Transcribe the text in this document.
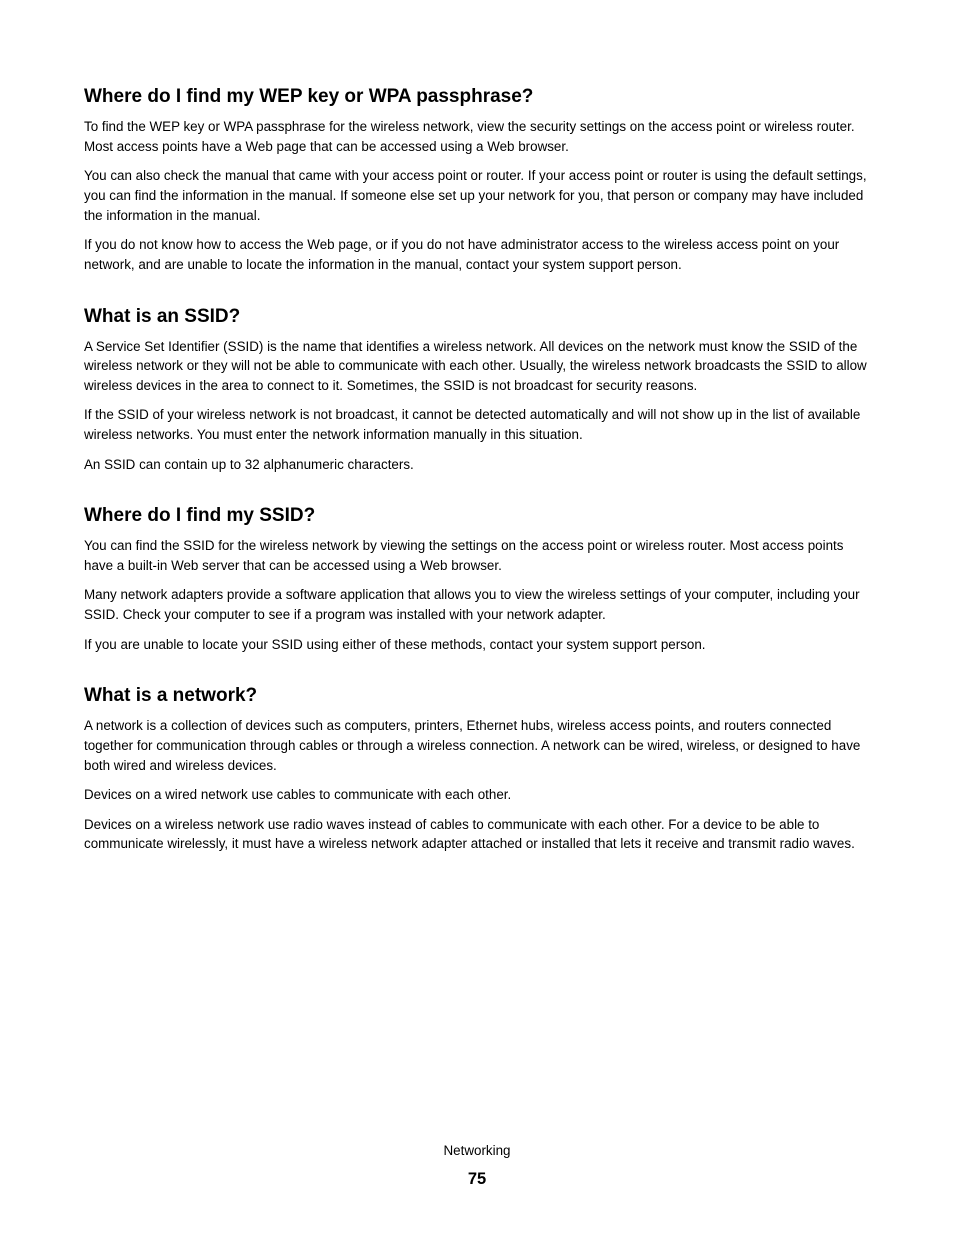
Where do I find my WEP key or WPA passphrase?

To find the WEP key or WPA passphrase for the wireless network, view the security settings on the access point or wireless router. Most access points have a Web page that can be accessed using a Web browser.

You can also check the manual that came with your access point or router. If your access point or router is using the default settings, you can find the information in the manual. If someone else set up your network for you, that person or company may have included the information in the manual.

If you do not know how to access the Web page, or if you do not have administrator access to the wireless access point on your network, and are unable to locate the information in the manual, contact your system support person.

What is an SSID?

A Service Set Identifier (SSID) is the name that identifies a wireless network. All devices on the network must know the SSID of the wireless network or they will not be able to communicate with each other. Usually, the wireless network broadcasts the SSID to allow wireless devices in the area to connect to it. Sometimes, the SSID is not broadcast for security reasons.

If the SSID of your wireless network is not broadcast, it cannot be detected automatically and will not show up in the list of available wireless networks. You must enter the network information manually in this situation.

An SSID can contain up to 32 alphanumeric characters.

Where do I find my SSID?

You can find the SSID for the wireless network by viewing the settings on the access point or wireless router. Most access points have a built-in Web server that can be accessed using a Web browser.

Many network adapters provide a software application that allows you to view the wireless settings of your computer, including your SSID. Check your computer to see if a program was installed with your network adapter.

If you are unable to locate your SSID using either of these methods, contact your system support person.

What is a network?

A network is a collection of devices such as computers, printers, Ethernet hubs, wireless access points, and routers connected together for communication through cables or through a wireless connection. A network can be wired, wireless, or designed to have both wired and wireless devices.

Devices on a wired network use cables to communicate with each other.

Devices on a wireless network use radio waves instead of cables to communicate with each other. For a device to be able to communicate wirelessly, it must have a wireless network adapter attached or installed that lets it receive and transmit radio waves.

Networking
75
